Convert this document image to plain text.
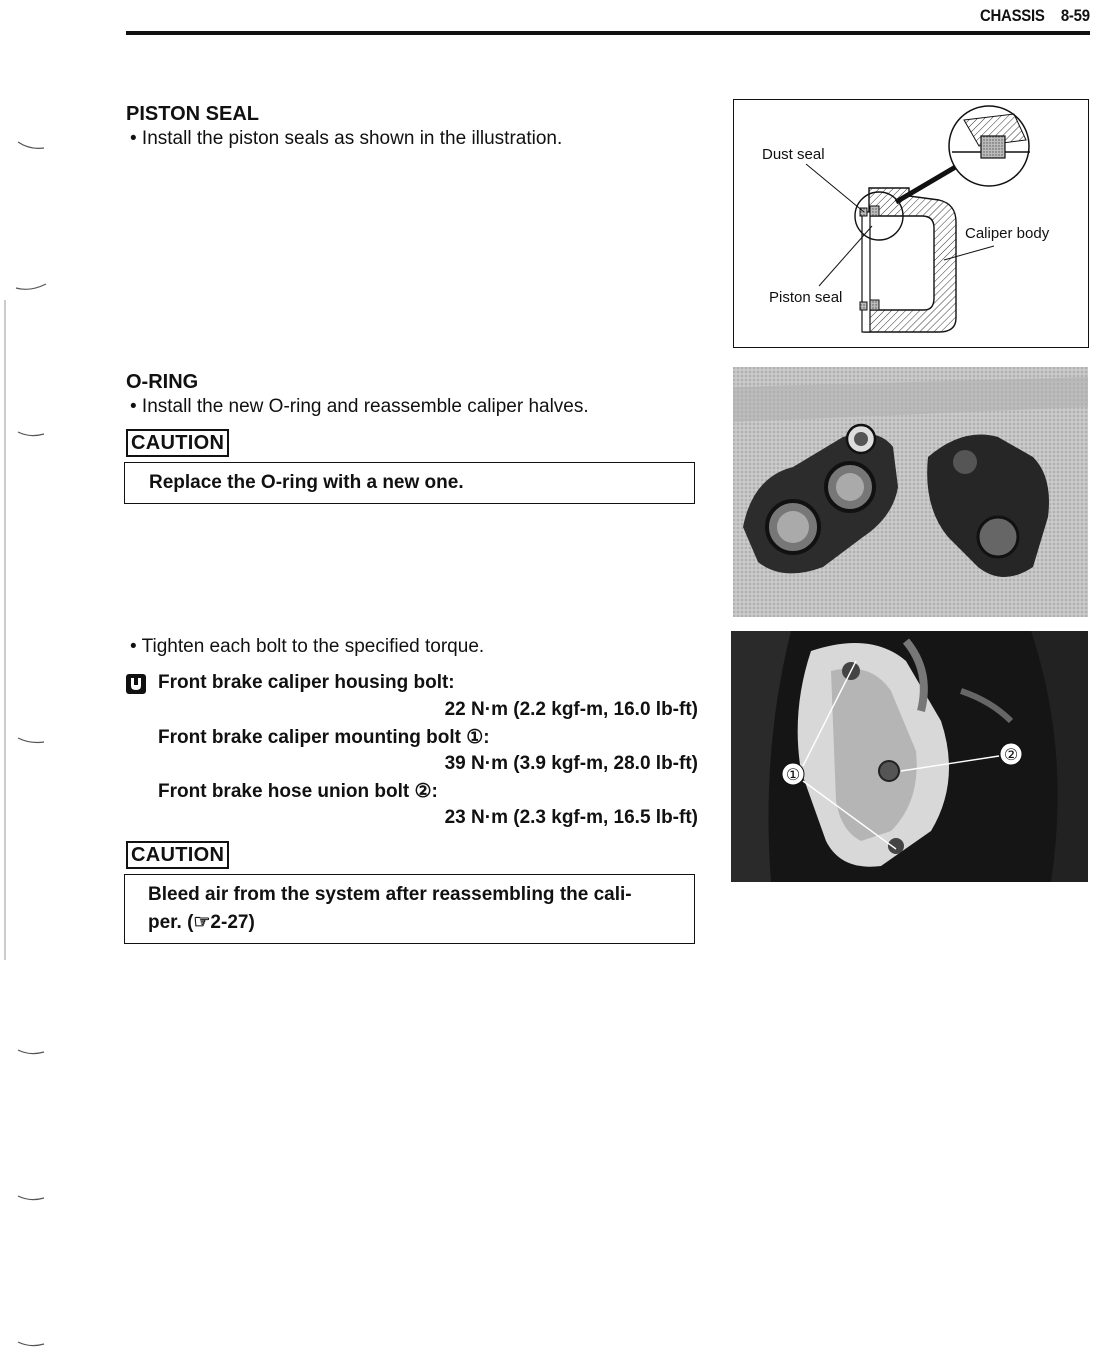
CHASSIS 8-59
PISTON SEAL
• Install the piston seals as shown in the illustration.
Dust seal
Caliper body
Piston seal
O-RING
• Install the new O-ring and reassemble caliper halves.
CAUTION
Replace the O-ring with a new one.
• Tighten each bolt to the specified torque.
Front brake caliper housing bolt:
22 N·m (2.2 kgf-m, 16.0 lb-ft)
Front brake caliper mounting bolt ①:
39 N·m (3.9 kgf-m, 28.0 lb-ft)
Front brake hose union bolt ②:
23 N·m (2.3 kgf-m, 16.5 lb-ft)
CAUTION
Bleed air from the system after reassembling the cali-
per. (☞2-27)
①
②
